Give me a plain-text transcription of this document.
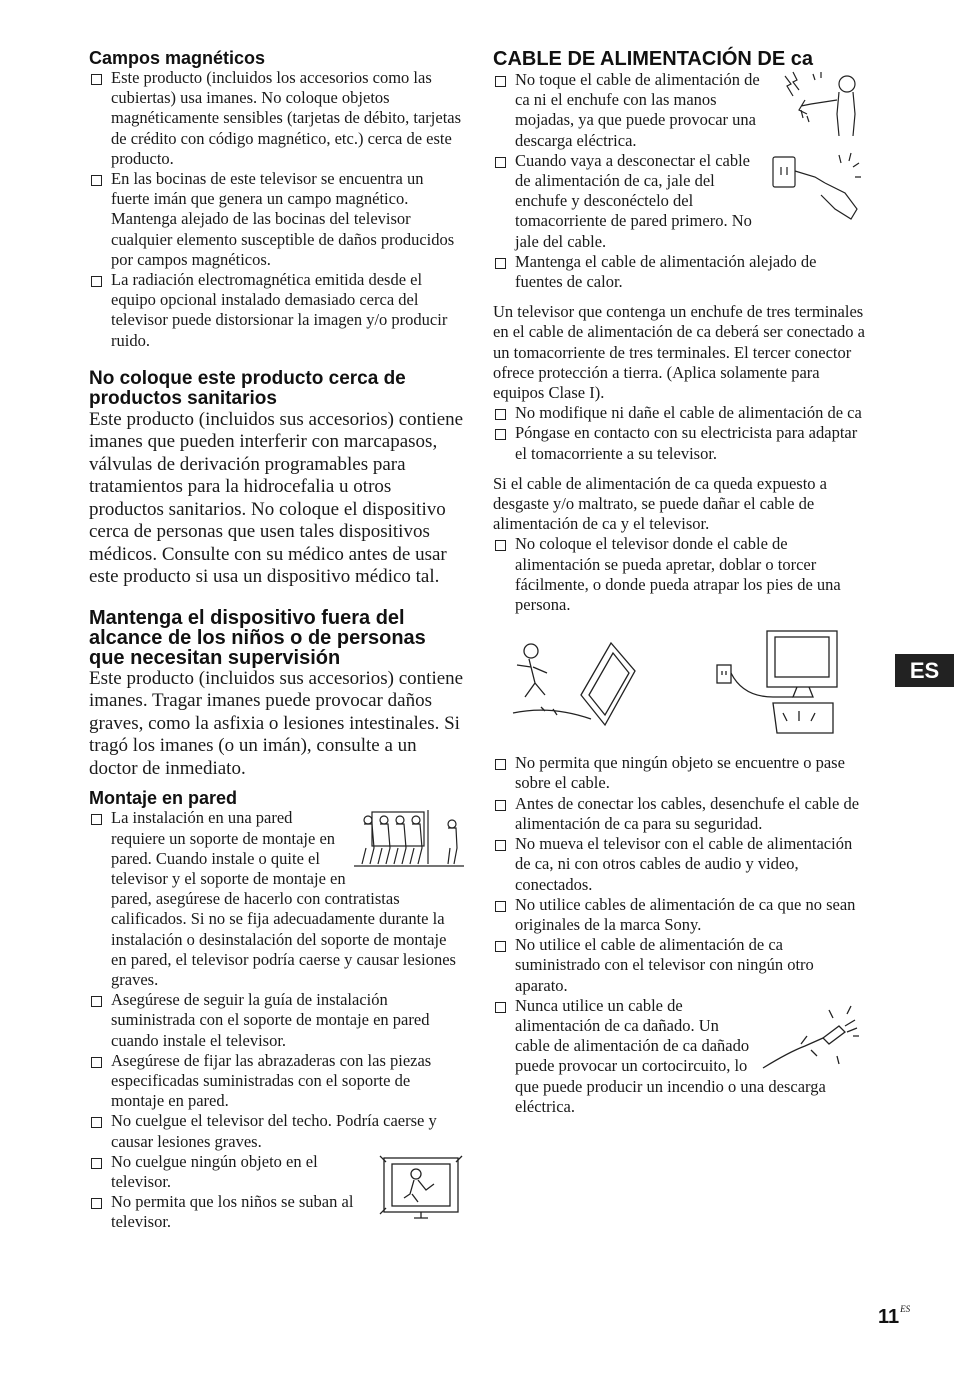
Campos magnéticos
Este producto (incluidos los accesorios como las cubiertas) usa imanes. No coloque objetos magnéticamente sensibles (tarjetas de débito, tarjetas de crédito con código magnético, etc.) cerca de este producto.
En las bocinas de este televisor se encuentra un fuerte imán que genera un campo magnético. Mantenga alejado de las bocinas del televisor cualquier elemento susceptible de daños producidos por campos magnéticos.
La radiación electromagnética emitida desde el equipo opcional instalado demasiado cerca del televisor puede distorsionar la imagen y/o producir ruido.
No coloque este producto cerca de productos sanitarios

Este producto (incluidos sus accesorios) contiene imanes que pueden interferir con marcapasos, válvulas de derivación programables para tratamientos para la hidrocefalia u otros productos sanitarios. No coloque el dispositivo cerca de personas que usen tales dispositivos médicos. Consulte con su médico antes de usar este producto si usa un dispositivo médico tal.

Mantenga el dispositivo fuera del alcance de los niños o de personas que necesitan supervisión

Este producto (incluidos sus accesorios) contiene imanes. Tragar imanes puede provocar daños graves, como la asfixia o lesiones intestinales. Si tragó los imanes (o un imán), consulte a un doctor de inmediato.

Montaje en pared
La instalación en una pared requiere un soporte de montaje en pared. Cuando instale o quite el televisor y el soporte de montaje en pared, asegúrese de hacerlo con contratistas calificados. Si no se fija adecuadamente durante la instalación o desinstalación del soporte de montaje en pared, el televisor podría caerse y causar lesiones graves.
Asegúrese de seguir la guía de instalación suministrada con el soporte de montaje en pared cuando instale el televisor.
Asegúrese de fijar las abrazaderas con las piezas especificadas suministradas con el soporte de montaje en pared.
No cuelgue el televisor del techo. Podría caerse y causar lesiones graves.
No cuelgue ningún objeto en el televisor.
No permita que los niños se suban al televisor.
CABLE DE ALIMENTACIÓN DE ca
No toque el cable de alimentación de ca ni el enchufe con las manos mojadas, ya que puede provocar una descarga eléctrica.
Cuando vaya a desconectar el cable de alimentación de ca, jale del enchufe y desconéctelo del tomacorriente de pared primero. No jale del cable.
Mantenga el cable de alimentación alejado de fuentes de calor.

Un televisor que contenga un enchufe de tres terminales en el cable de alimentación de ca deberá ser conectado a un tomacorriente de tres terminales. El tercer conector ofrece protección a tierra. (Aplica solamente para equipos Clase I).

No modifique ni dañe el cable de alimentación de ca
Póngase en contacto con su electricista para adaptar el tomacorriente a su televisor.

Si el cable de alimentación de ca queda expuesto a desgaste y/o maltrato, se puede dañar el cable de alimentación de ca y el televisor.

No coloque el televisor donde el cable de alimentación se pueda apretar, doblar o torcer fácilmente, o donde pueda atrapar los pies de una persona.
No permita que ningún objeto se encuentre o pase sobre el cable.
Antes de conectar los cables, desenchufe el cable de alimentación de ca para su seguridad.
No mueva el televisor con el cable de alimentación de ca, ni con otros cables de audio y video, conectados.
No utilice cables de alimentación de ca que no sean originales de la marca Sony.
No utilice el cable de alimentación de ca suministrado con el televisor con ningún otro aparato.
Nunca utilice un cable de alimentación de ca dañado. Un cable de alimentación de ca dañado puede provocar un cortocircuito, lo que puede producir un incendio o una descarga eléctrica.
ES
$11^{ES}$
